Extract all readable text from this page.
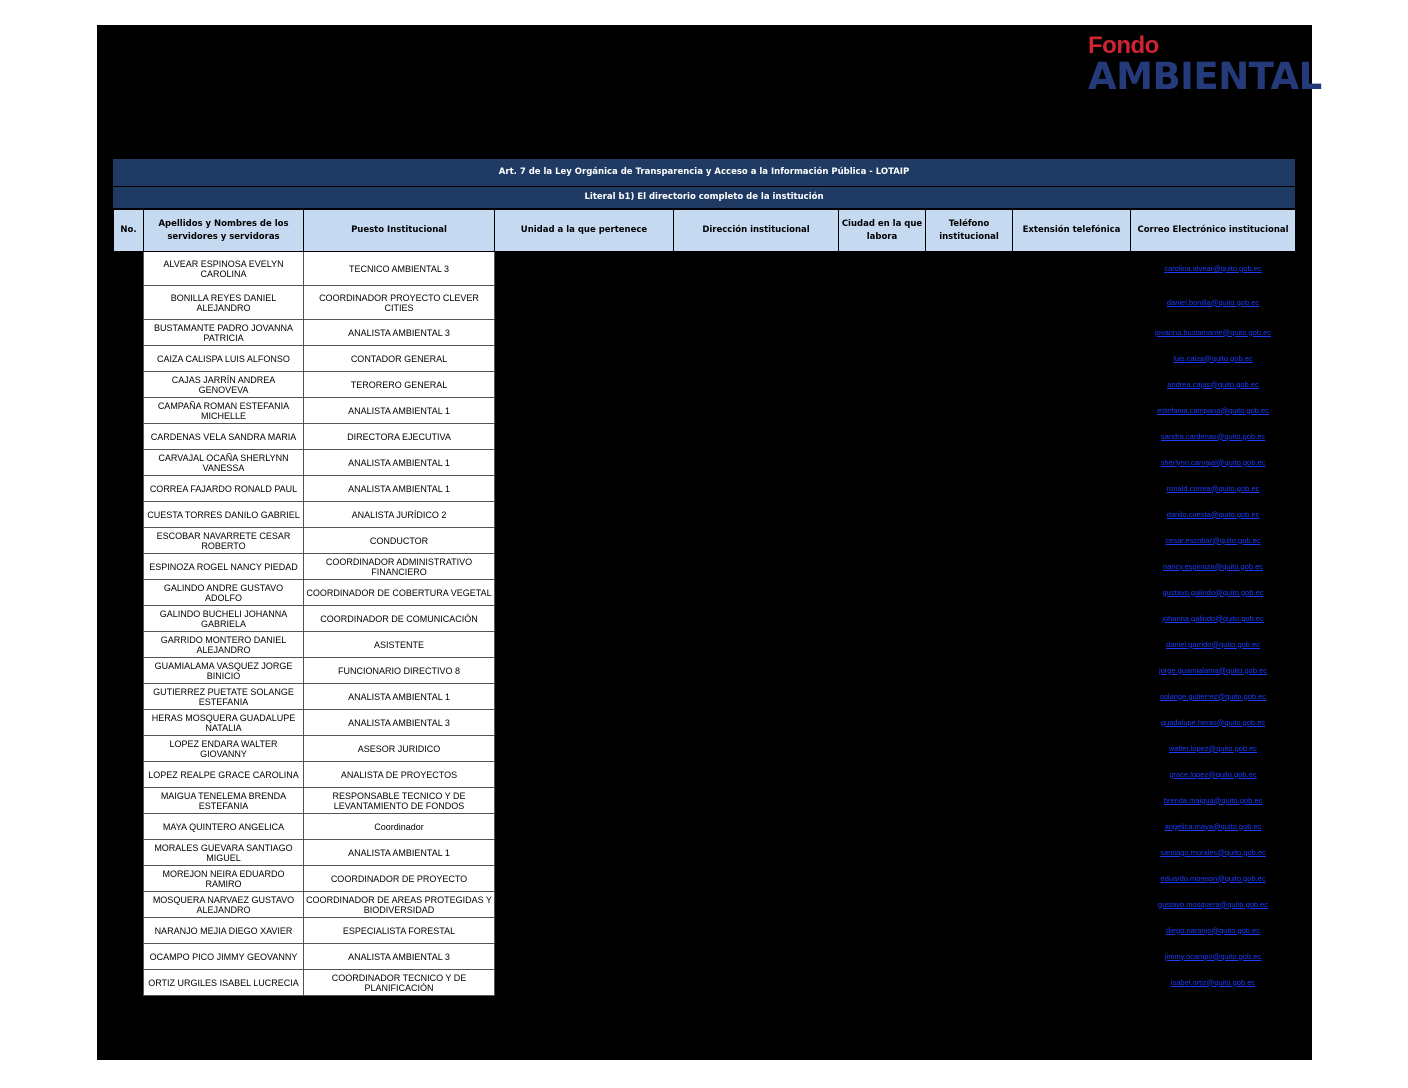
Fondo
AMBIENTAL
Art. 7 de la Ley Orgánica de Transparencia y Acceso a la Información Pública - LOTAIP
Literal b1) El directorio completo de la institución
No.	Apellidos y Nombres de los servidores y servidoras	Puesto Institucional	Unidad a la que pertenece	Dirección institucional	Ciudad en la que labora	Teléfono institucional	Extensión telefónica	Correo Electrónico institucional
	ALVEAR ESPINOSA EVELYN CAROLINA	TECNICO AMBIENTAL 3						carolina.alvear@quito.gob.ec
	BONILLA REYES DANIEL ALEJANDRO	COORDINADOR PROYECTO CLEVER CITIES						daniel.bonilla@quito.gob.ec
	BUSTAMANTE PADRO JOVANNA PATRICIA	ANALISTA AMBIENTAL 3						jovanna.bustamante@quito.gob.ec
	CAIZA CALISPA LUIS ALFONSO	CONTADOR GENERAL						luis.caiza@quito.gob.ec
	CAJAS JARRÍN ANDREA GENOVEVA	TERORERO GENERAL						andrea.cajas@quito.gob.ec
	CAMPAÑA ROMAN ESTEFANIA MICHELLE	ANALISTA AMBIENTAL 1						estefania.campana@quito.gob.ec
	CARDENAS VELA SANDRA MARIA	DIRECTORA EJECUTIVA						sandra.cardenas@quito.gob.ec
	CARVAJAL OCAÑA SHERLYNN VANESSA	ANALISTA AMBIENTAL 1						sherlynn.carvajal@quito.gob.ec
	CORREA FAJARDO RONALD PAUL	ANALISTA AMBIENTAL 1						ronald.correa@quito.gob.ec
	CUESTA TORRES DANILO GABRIEL	ANALISTA JURÍDICO 2						danilo.cuesta@quito.gob.ec
	ESCOBAR NAVARRETE CESAR ROBERTO	CONDUCTOR						cesar.escobar@quito.gob.ec
	ESPINOZA ROGEL NANCY PIEDAD	COORDINADOR ADMINISTRATIVO FINANCIERO						nancy.espinoza@quito.gob.ec
	GALINDO ANDRE GUSTAVO ADOLFO	COORDINADOR DE COBERTURA VEGETAL						gustavo.galindo@quito.gob.ec
	GALINDO BUCHELI JOHANNA GABRIELA	COORDINADOR DE COMUNICACIÓN						johanna.galindo@quito.gob.ec
	GARRIDO MONTERO DANIEL ALEJANDRO	ASISTENTE						daniel.garrido@quito.gob.ec
	GUAMIALAMA VASQUEZ JORGE BINICIO	FUNCIONARIO DIRECTIVO 8						jorge.guamialama@quito.gob.ec
	GUTIERREZ PUETATE SOLANGE ESTEFANIA	ANALISTA AMBIENTAL 1						solange.gutierrez@quito.gob.ec
	HERAS MOSQUERA GUADALUPE NATALIA	ANALISTA AMBIENTAL 3						guadalupe.heras@quito.gob.ec
	LOPEZ ENDARA WALTER GIOVANNY	ASESOR JURIDICO						walter.lopez@quito.gob.ec
	LOPEZ REALPE GRACE CAROLINA	ANALISTA DE PROYECTOS						grace.lopez@quito.gob.ec
	MAIGUA TENELEMA BRENDA ESTEFANIA	RESPONSABLE TECNICO Y DE LEVANTAMIENTO DE FONDOS						brenda.maigua@quito.gob.ec
	MAYA QUINTERO ANGELICA	Coordinador						angelica.maya@quito.gob.ec
	MORALES GUEVARA SANTIAGO MIGUEL	ANALISTA AMBIENTAL 1						santiago.morales@quito.gob.ec
	MOREJON NEIRA EDUARDO RAMIRO	COORDINADOR DE PROYECTO						eduardo.morejon@quito.gob.ec
	MOSQUERA NARVAEZ GUSTAVO ALEJANDRO	COORDINADOR DE AREAS PROTEGIDAS Y BIODIVERSIDAD						gustavo.mosquera@quito.gob.ec
	NARANJO MEJIA DIEGO XAVIER	ESPECIALISTA FORESTAL						diego.naranjo@quito.gob.ec
	OCAMPO PICO JIMMY GEOVANNY	ANALISTA AMBIENTAL 3						jimmy.ocampo@quito.gob.ec
	ORTIZ URGILES ISABEL LUCRECIA	COORDINADOR TECNICO Y DE PLANIFICACIÓN						isabel.ortiz@quito.gob.ec
